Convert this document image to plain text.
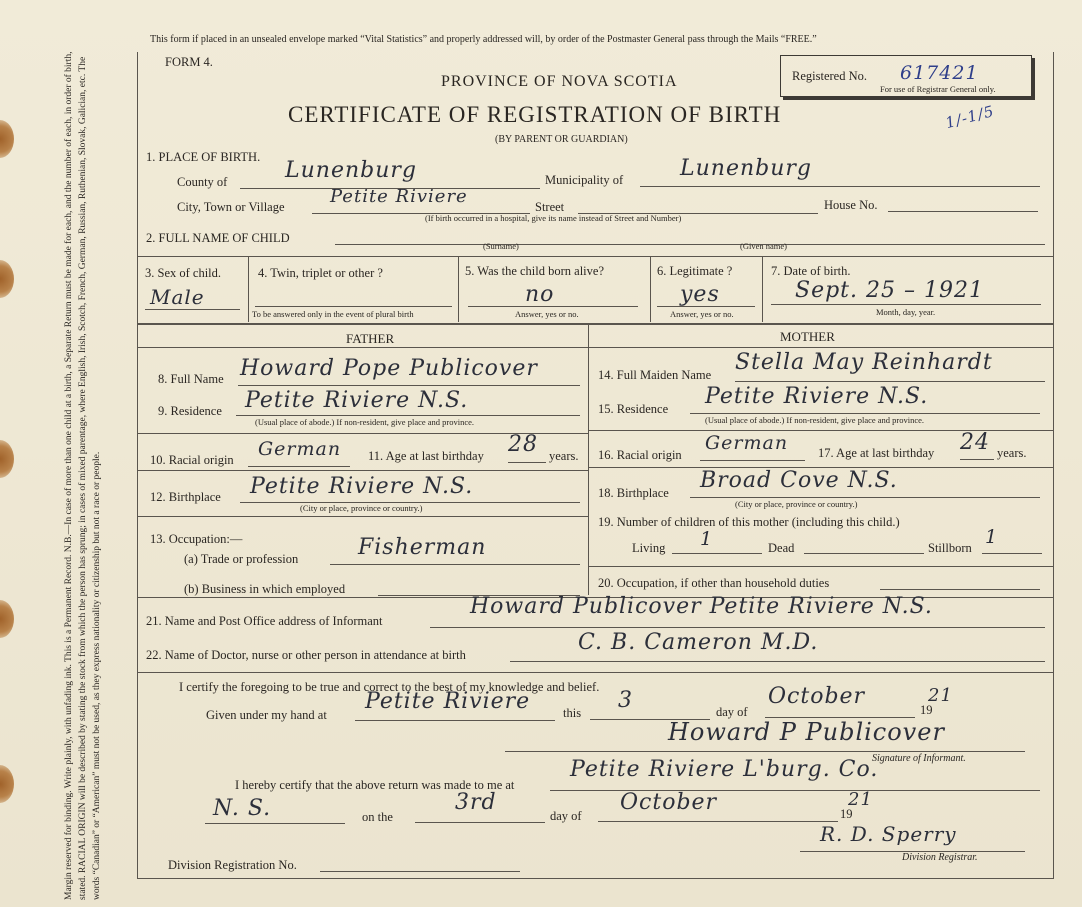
Margin reserved for binding. Write plainly, with unfading ink. This is a Permanent Record. N.B.—In case of more than one child at a birth, a Separate Return must be made for each, and the number of each, in order of birth, stated. RACIAL ORIGIN will be described by stating the stock from which the person has sprung; in cases of mixed parentage, where English, Irish, Scotch, French, German, Russian, Ruthenian, Slovak, Galician, etc. The words “Canadian” or “American” must not be used, as they express nationality or citizenship but not a race or people.
This form if placed in an unsealed envelope marked “Vital Statistics” and properly addressed will, by order of the Postmaster General pass through the Mails “FREE.”
FORM 4.
Registered No. 617421
For use of Registrar General only.
1/-1/5
PROVINCE OF NOVA SCOTIA
CERTIFICATE OF REGISTRATION OF BIRTH
(BY PARENT OR GUARDIAN)
1. PLACE OF BIRTH.
County of	Lunenburg	Municipality of	Lunenburg
City, Town or Village	Petite Riviere	Street	House No.
(If birth occurred in a hospital, give its name instead of Street and Number)
2. FULL NAME OF CHILD
(Surname)	(Given name)
3. Sex of child.
Male
4. Twin, triplet or other ?
To be answered only in the event of plural birth
5. Was the child born alive?
no
Answer, yes or no.
6. Legitimate ?
yes
Answer, yes or no.
7. Date of birth.
Sept. 25 – 1921
Month, day, year.
FATHER	MOTHER
8. Full Name Howard Pope Publicover
9. Residence Petite Riviere N.S.
(Usual place of abode.) If non-resident, give place and province.
10. Racial origin German 11. Age at last birthday 28 years.
12. Birthplace Petite Riviere N.S.
(City or place, province or country.)
13. Occupation:—
(a) Trade or profession	Fisherman
(b) Business in which employed
14. Full Maiden Name Stella May Reinhardt
15. Residence Petite Riviere N.S.
(Usual place of abode.) If non-resident, give place and province.
16. Racial origin
German 17. Age at last birthday 24 years.
18. Birthplace Broad Cove N.S.
(City or place, province or country.)
19. Number of children of this mother (including this child.)
Living 1	Dead	Stillborn 1
20. Occupation, if other than household duties
21. Name and Post Office address of Informant
Howard Publicover Petite Riviere N.S.
22. Name of Doctor, nurse or other person in attendance at birth	C. B. Cameron M.D.
I certify the foregoing to be true and correct to the best of my knowledge and belief.
Given under my hand at
Petite Riviere	this 3	day of
October
19
21
Howard P Publicover
Signature of Informant.
I hereby certify that the above return was made to me at
Petite Riviere L'burg. Co.
N. S.	on the
3rd
day of
October	19
21
R. D. Sperry
Division Registrar.
Division Registration No.
